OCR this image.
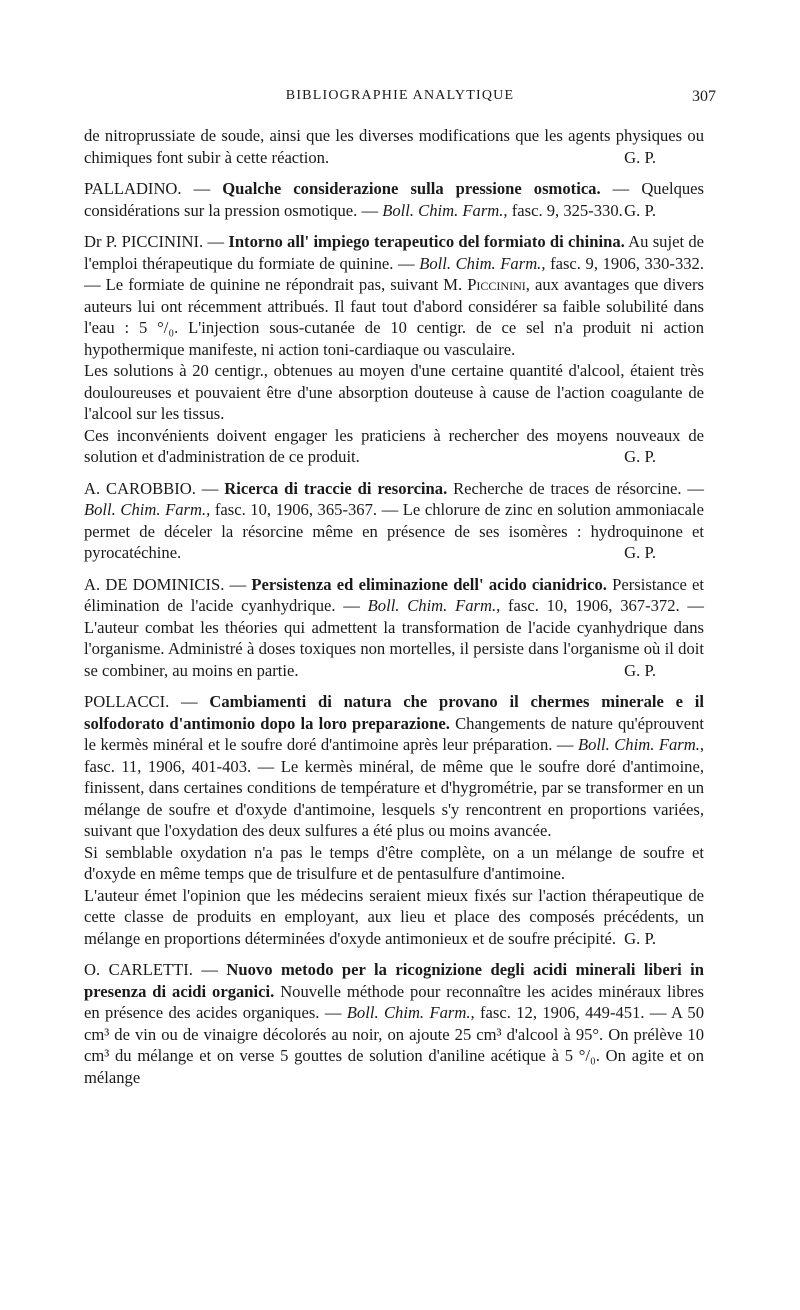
BIBLIOGRAPHIE ANALYTIQUE	307

de nitroprussiate de soude, ainsi que les diverses modifications que les agents physiques ou chimiques font subir à cette réaction.	G. P.

PALLADINO. — Qualche considerazione sulla pressione osmotica. — Quelques considérations sur la pression osmotique. — Boll. Chim. Farm., fasc. 9, 325-330. G. P.

Dr P. PICCININI. — Intorno all' impiego terapeutico del formiato di chinina. Au sujet de l'emploi thérapeutique du formiate de quinine. — Boll. Chim. Farm., fasc. 9, 1906, 330-332. — Le formiate de quinine ne répondrait pas, suivant M. Piccinini, aux avantages que divers auteurs lui ont récemment attribués. Il faut tout d'abord considérer sa faible solubilité dans l'eau : 5 °/₀. L'injection sous-cutanée de 10 centigr. de ce sel n'a produit ni action hypothermique manifeste, ni action toni-cardiaque ou vasculaire.

Les solutions à 20 centigr., obtenues au moyen d'une certaine quantité d'alcool, étaient très douloureuses et pouvaient être d'une absorption douteuse à cause de l'action coagulante de l'alcool sur les tissus.

Ces inconvénients doivent engager les praticiens à rechercher des moyens nouveaux de solution et d'administration de ce produit.	G. P.

A. CAROBBIO. — Ricerca di traccie di resorcina. Recherche de traces de résorcine. — Boll. Chim. Farm., fasc. 10, 1906, 365-367. — Le chlorure de zinc en solution ammoniacale permet de déceler la résorcine même en présence de ses isomères : hydroquinone et pyrocatéchine.	G. P.

A. DE DOMINICIS. — Persistenza ed eliminazione dell' acido cianidrico. Persistance et élimination de l'acide cyanhydrique. — Boll. Chim. Farm., fasc. 10, 1906, 367-372. — L'auteur combat les théories qui admettent la transformation de l'acide cyanhydrique dans l'organisme. Administré à doses toxiques non mortelles, il persiste dans l'organisme où il doit se combiner, au moins en partie.	G. P.

POLLACCI. — Cambiamenti di natura che provano il chermes minerale e il solfodorato d'antimonio dopo la loro preparazione. Changements de nature qu'éprouvent le kermès minéral et le soufre doré d'antimoine après leur préparation. — Boll. Chim. Farm., fasc. 11, 1906, 401-403. — Le kermès minéral, de même que le soufre doré d'antimoine, finissent, dans certaines conditions de température et d'hygrométrie, par se transformer en un mélange de soufre et d'oxyde d'antimoine, lesquels s'y rencontrent en proportions variées, suivant que l'oxydation des deux sulfures a été plus ou moins avancée.

Si semblable oxydation n'a pas le temps d'être complète, on a un mélange de soufre et d'oxyde en même temps que de trisulfure et de pentasulfure d'antimoine.

L'auteur émet l'opinion que les médecins seraient mieux fixés sur l'action thérapeutique de cette classe de produits en employant, aux lieu et place des composés précédents, un mélange en proportions déterminées d'oxyde antimonieux et de soufre précipité. G. P.

O. CARLETTI. — Nuovo metodo per la ricognizione degli acidi minerali liberi in presenza di acidi organici. Nouvelle méthode pour reconnaître les acides minéraux libres en présence des acides organiques. — Boll. Chim. Farm., fasc. 12, 1906, 449-451. — A 50 cm³ de vin ou de vinaigre décolorés au noir, on ajoute 25 cm³ d'alcool à 95°. On prélève 10 cm³ du mélange et on verse 5 gouttes de solution d'aniline acétique à 5 °/₀. On agite et on mélange
